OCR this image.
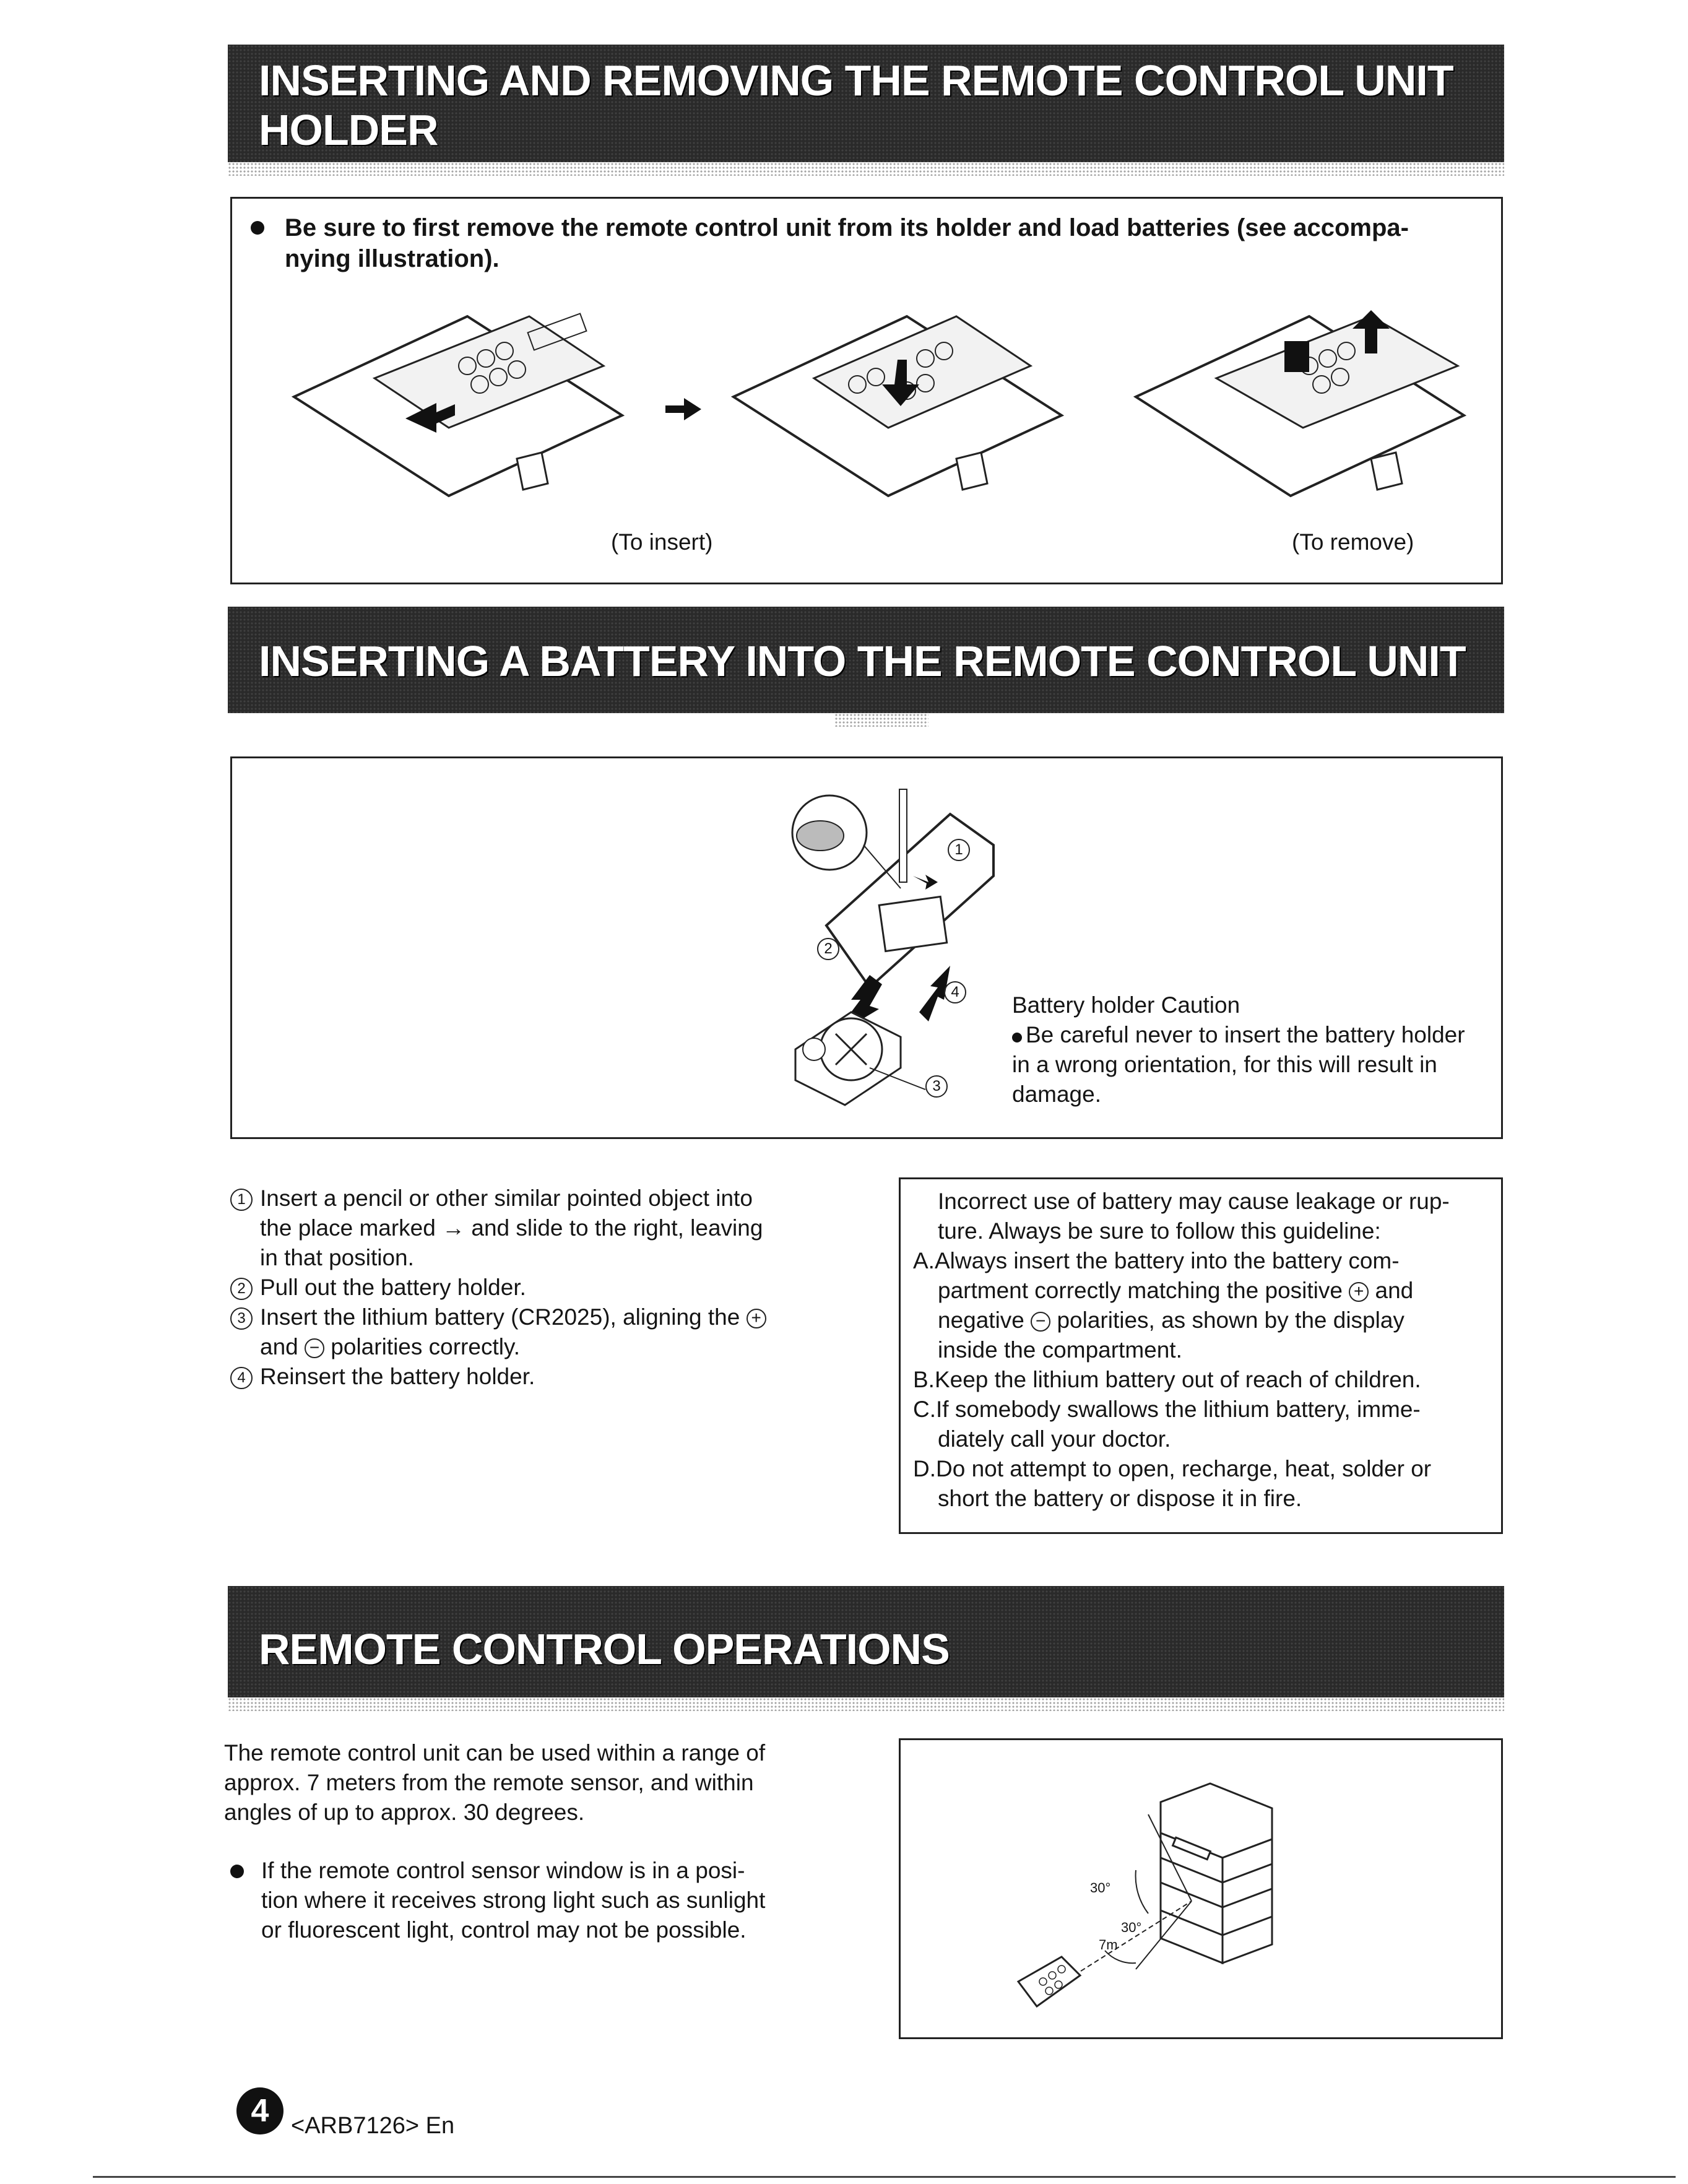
INSERTING AND REMOVING THE REMOTE CONTROL UNIT
HOLDER
Be sure to first remove the remote control unit from its holder and load batteries (see accompa-
nying illustration).
(To insert)	(To remove)
INSERTING A BATTERY INTO THE REMOTE CONTROL UNIT
1
2
4
3
Battery holder Caution
Be careful never to insert the battery holder
in a wrong orientation, for this will result in
damage.
1 Insert a pencil or other similar pointed object into
the place marked → and slide to the right, leaving
in that position.
2 Pull out the battery holder.
3 Insert the lithium battery (CR2025), aligning the +
and − polarities correctly.
4 Reinsert the battery holder.
Incorrect use of battery may cause leakage or rup-
ture. Always be sure to follow this guideline:
A.Always insert the battery into the battery com-
partment correctly matching the positive + and
negative − polarities, as shown by the display
inside the compartment.
B.Keep the lithium battery out of reach of children.
C.If somebody swallows the lithium battery, imme-
diately call your doctor.
D.Do not attempt to open, recharge, heat, solder or
short the battery or dispose it in fire.
REMOTE CONTROL OPERATIONS
The remote control unit can be used within a range of
approx. 7 meters from the remote sensor, and within
angles of up to approx. 30 degrees.
If the remote control sensor window is in a posi-
tion where it receives strong light such as sunlight
or fluorescent light, control may not be possible.
30°
30°
7m
4 <ARB7126> En
